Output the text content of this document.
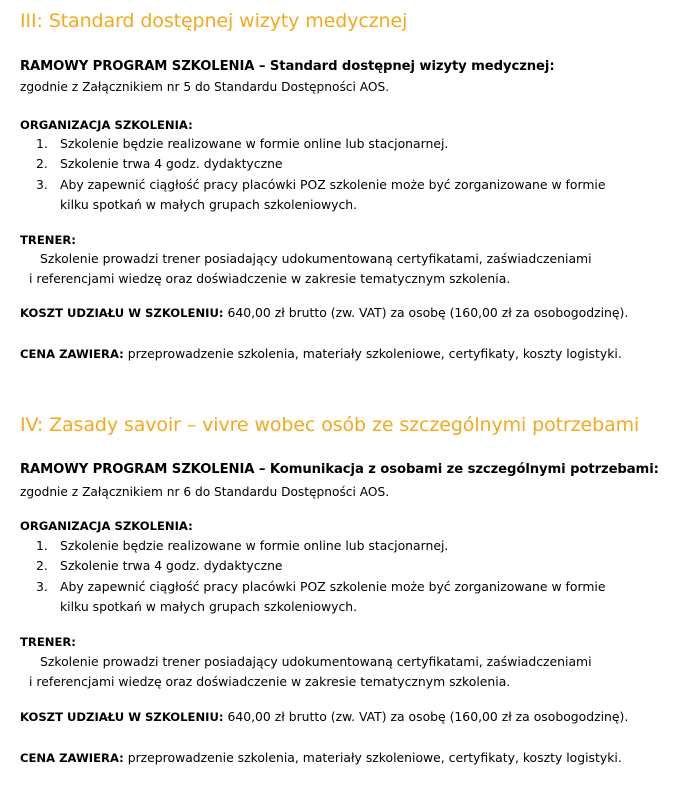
III: Standard dostępnej wizyty medycznej
RAMOWY PROGRAM SZKOLENIA – Standard dostępnej wizyty medycznej:
zgodnie z Załącznikiem nr 5 do Standardu Dostępności AOS.
ORGANIZACJA SZKOLENIA:
1. Szkolenie będzie realizowane w formie online lub stacjonarnej.
2. Szkolenie trwa 4 godz. dydaktyczne
3. Aby zapewnić ciągłość pracy placówki POZ szkolenie może być zorganizowane w formie
kilku spotkań w małych grupach szkoleniowych.
TRENER:
Szkolenie prowadzi trener posiadający udokumentowaną certyfikatami, zaświadczeniami
i referencjami wiedzę oraz doświadczenie w zakresie tematycznym szkolenia.
KOSZT UDZIAŁU W SZKOLENIU: 640,00 zł brutto (zw. VAT) za osobę (160,00 zł za osobogodzinę).
CENA ZAWIERA: przeprowadzenie szkolenia, materiały szkoleniowe, certyfikaty, koszty logistyki.
IV: Zasady savoir – vivre wobec osób ze szczególnymi potrzebami
RAMOWY PROGRAM SZKOLENIA – Komunikacja z osobami ze szczególnymi potrzebami:
zgodnie z Załącznikiem nr 6 do Standardu Dostępności AOS.
ORGANIZACJA SZKOLENIA:
1. Szkolenie będzie realizowane w formie online lub stacjonarnej.
2. Szkolenie trwa 4 godz. dydaktyczne
3. Aby zapewnić ciągłość pracy placówki POZ szkolenie może być zorganizowane w formie
kilku spotkań w małych grupach szkoleniowych.
TRENER:
Szkolenie prowadzi trener posiadający udokumentowaną certyfikatami, zaświadczeniami
i referencjami wiedzę oraz doświadczenie w zakresie tematycznym szkolenia.
KOSZT UDZIAŁU W SZKOLENIU: 640,00 zł brutto (zw. VAT) za osobę (160,00 zł za osobogodzinę).
CENA ZAWIERA: przeprowadzenie szkolenia, materiały szkoleniowe, certyfikaty, koszty logistyki.
